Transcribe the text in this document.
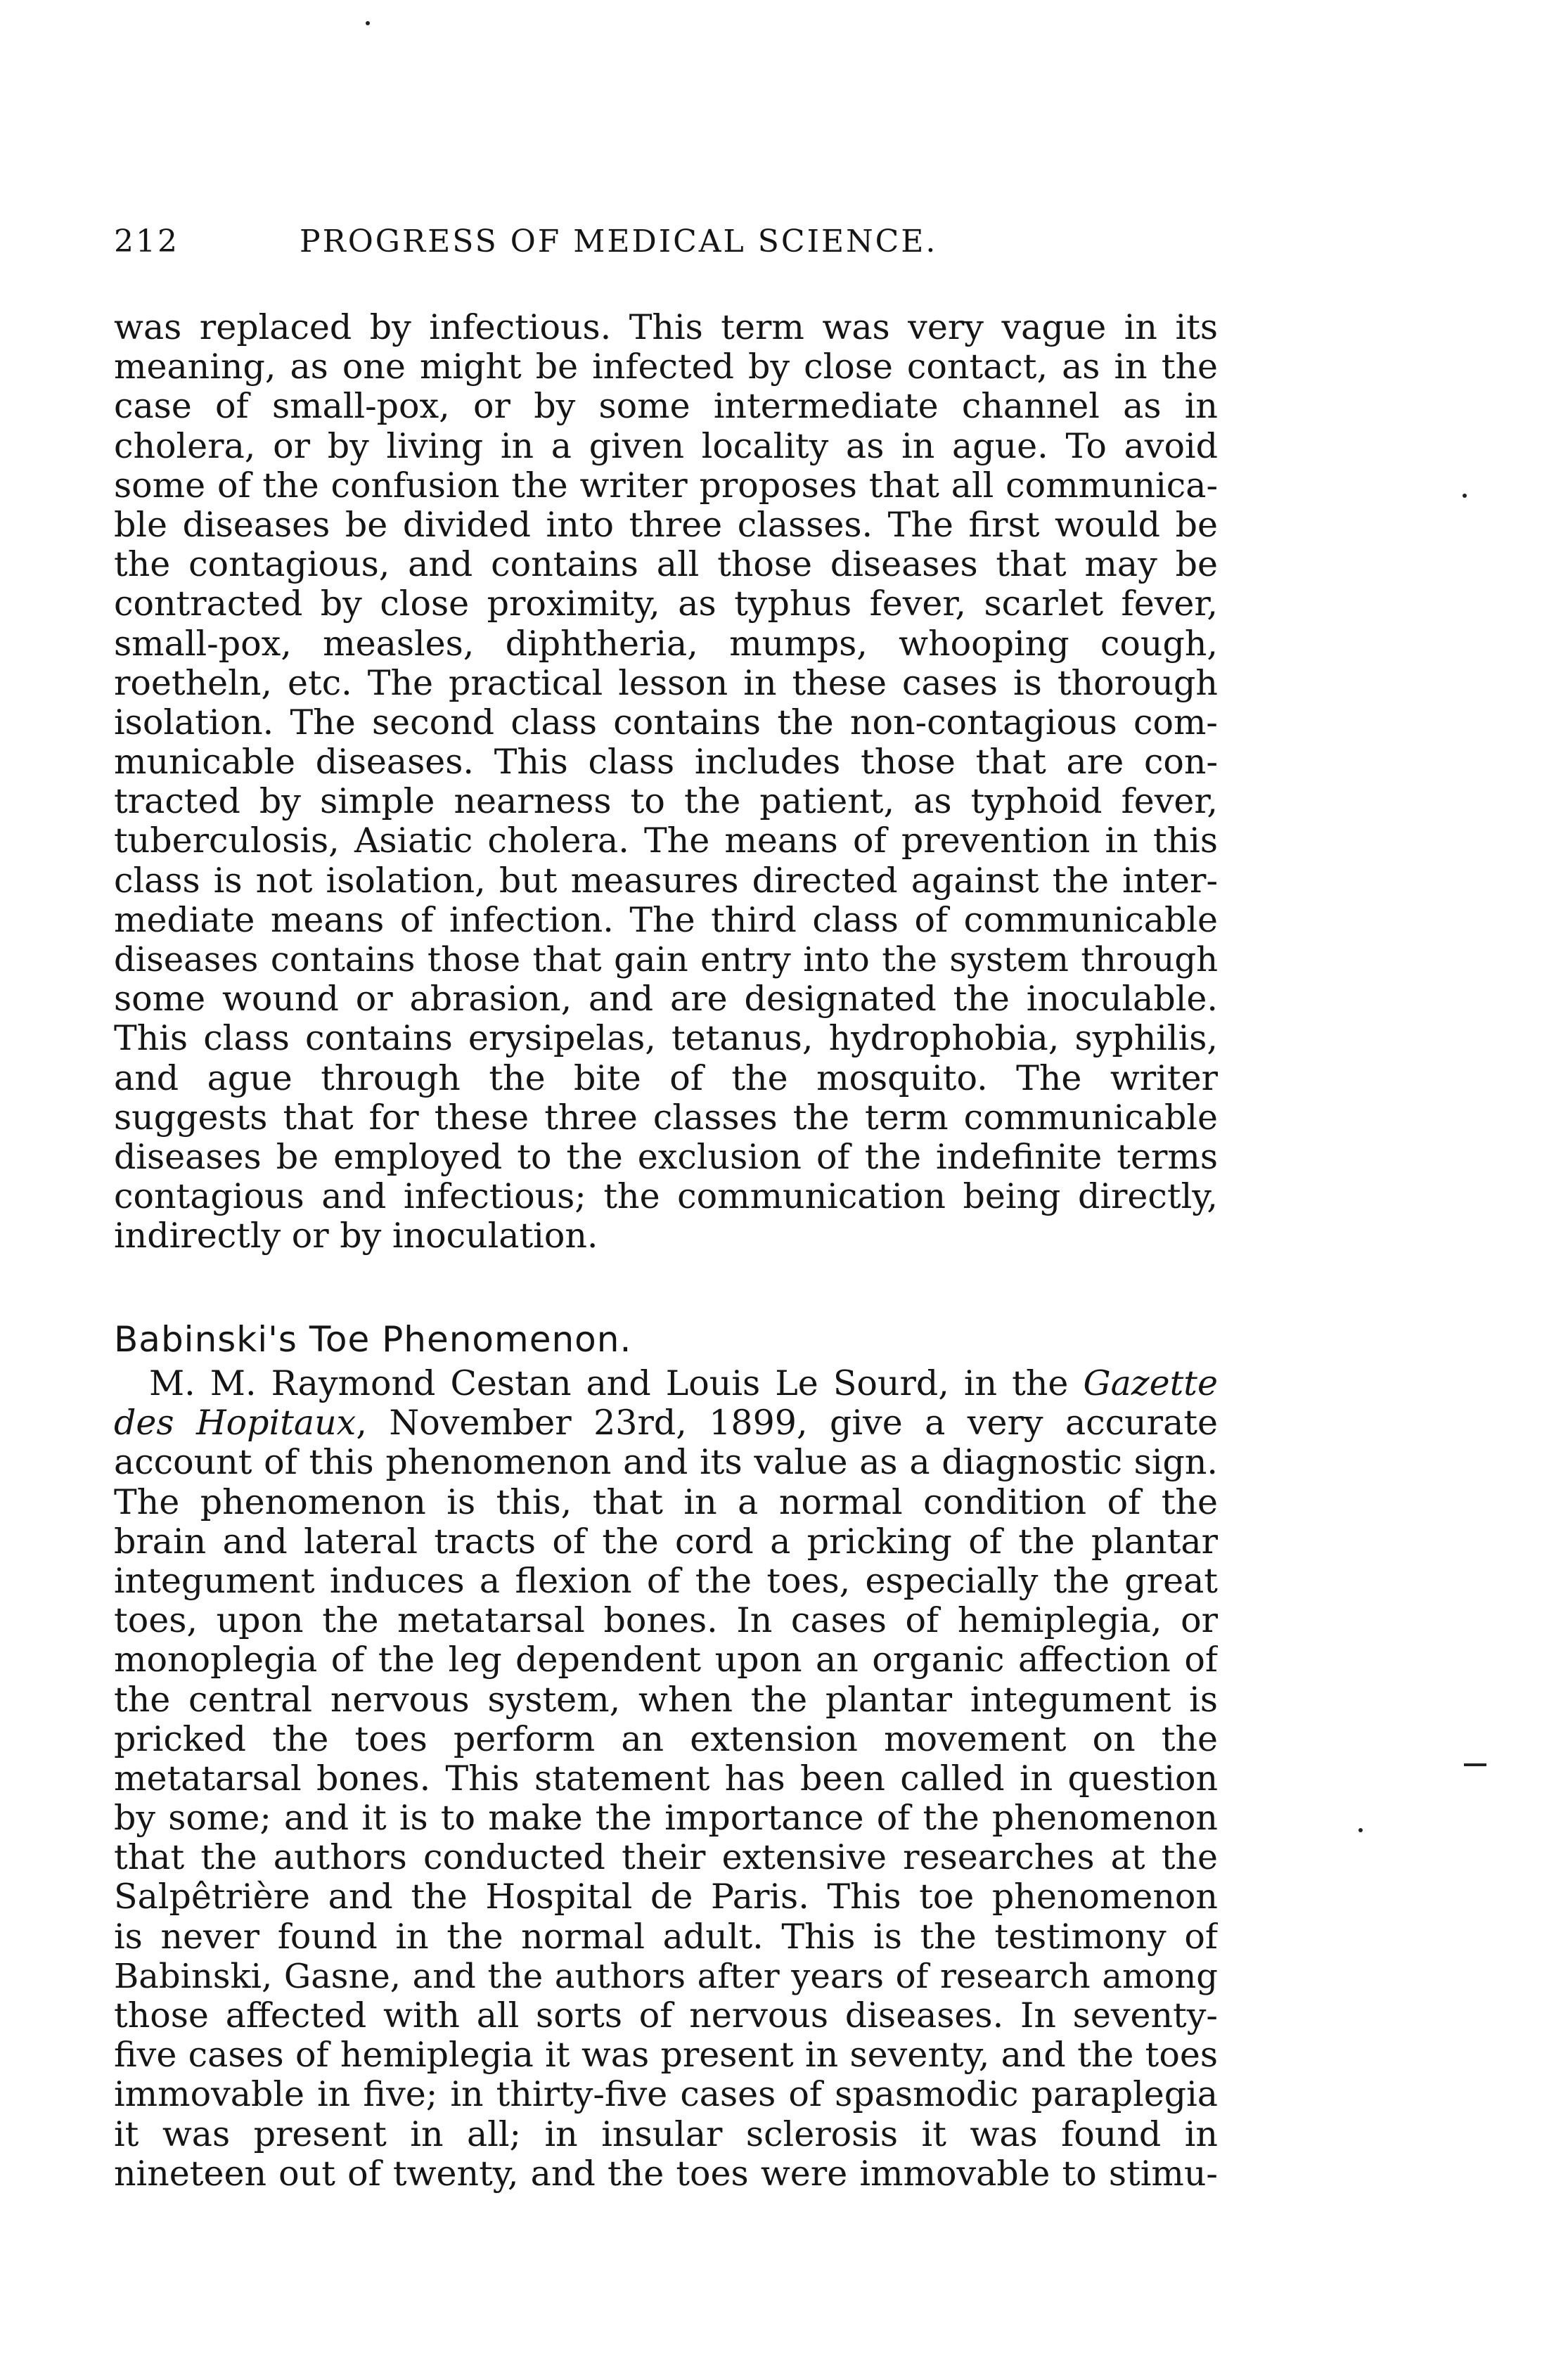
212	PROGRESS OF MEDICAL SCIENCE.
was replaced by infectious. This term was very vague in its
meaning, as one might be infected by close contact, as in the
case of small-pox, or by some intermediate channel as in
cholera, or by living in a given locality as in ague. To avoid
some of the confusion the writer proposes that all communica-
ble diseases be divided into three classes. The first would be
the contagious, and contains all those diseases that may be
contracted by close proximity, as typhus fever, scarlet fever,
small-pox, measles, diphtheria, mumps, whooping cough,
roetheln, etc. The practical lesson in these cases is thorough
isolation. The second class contains the non-contagious com-
municable diseases. This class includes those that are con-
tracted by simple nearness to the patient, as typhoid fever,
tuberculosis, Asiatic cholera. The means of prevention in this
class is not isolation, but measures directed against the inter-
mediate means of infection. The third class of communicable
diseases contains those that gain entry into the system through
some wound or abrasion, and are designated the inoculable.
This class contains erysipelas, tetanus, hydrophobia, syphilis,
and ague through the bite of the mosquito. The writer
suggests that for these three classes the term communicable
diseases be employed to the exclusion of the indefinite terms
contagious and infectious; the communication being directly,
indirectly or by inoculation.
Babinski's Toe Phenomenon.
M. M. Raymond Cestan and Louis Le Sourd, in the Gazette
des Hopitaux, November 23rd, 1899, give a very accurate
account of this phenomenon and its value as a diagnostic sign.
The phenomenon is this, that in a normal condition of the
brain and lateral tracts of the cord a pricking of the plantar
integument induces a flexion of the toes, especially the great
toes, upon the metatarsal bones. In cases of hemiplegia, or
monoplegia of the leg dependent upon an organic affection of
the central nervous system, when the plantar integument is
pricked the toes perform an extension movement on the
metatarsal bones. This statement has been called in question
by some; and it is to make the importance of the phenomenon
that the authors conducted their extensive researches at the
Salpêtrière and the Hospital de Paris. This toe phenomenon
is never found in the normal adult. This is the testimony of
Babinski, Gasne, and the authors after years of research among
those affected with all sorts of nervous diseases. In seventy-
five cases of hemiplegia it was present in seventy, and the toes
immovable in five; in thirty-five cases of spasmodic paraplegia
it was present in all; in insular sclerosis it was found in
nineteen out of twenty, and the toes were immovable to stimu-
